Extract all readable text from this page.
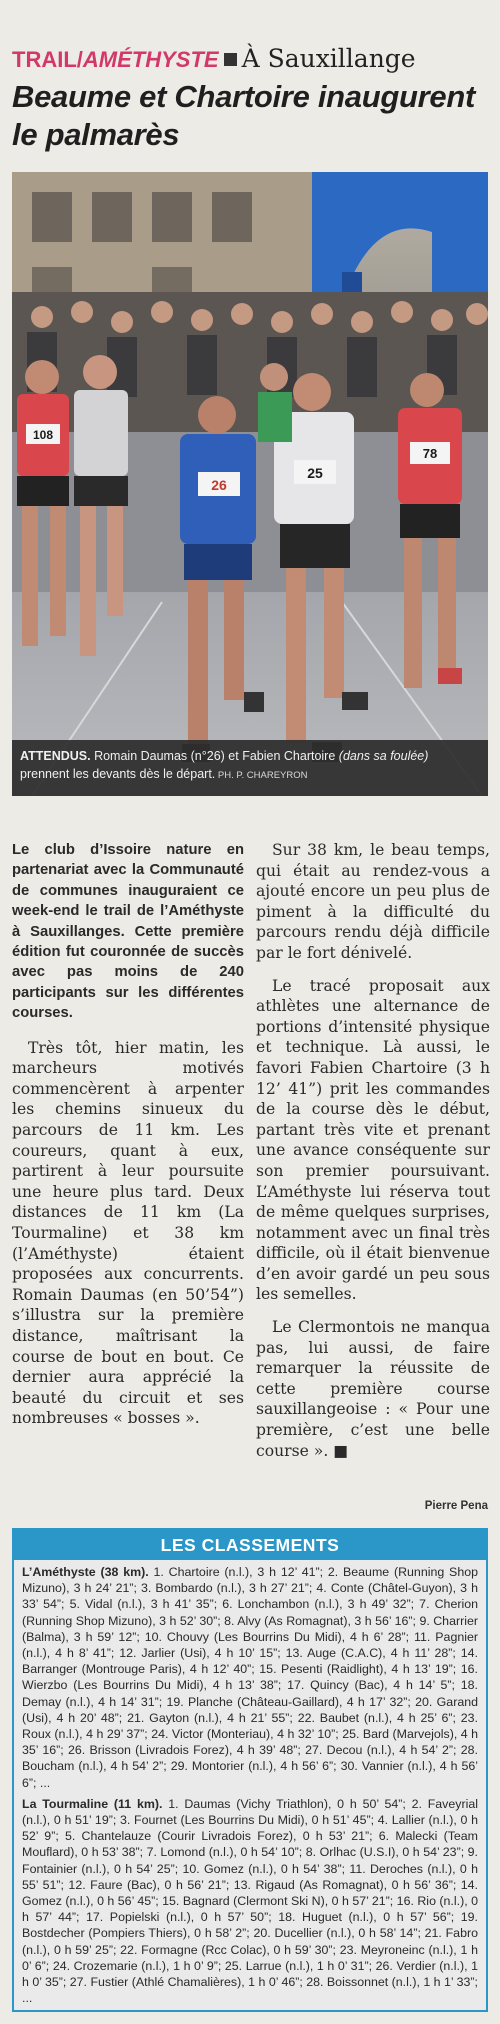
TRAIL/AMÉTHYSTE À Sauxillange
Beaume et Chartoire inaugurent le palmarès
108
26
25
78
ATTENDUS. Romain Daumas (n°26) et Fabien Chartoire (dans sa foulée) prennent les devants dès le départ. PH. P. CHAREYRON

Le club d’Issoire nature en partenariat avec la Communauté de communes inauguraient ce week-end le trail de l’Améthyste à Sauxillanges. Cette première édition fut couronnée de succès avec pas moins de 240 participants sur les différentes courses.

Très tôt, hier matin, les marcheurs motivés commencèrent à arpenter les chemins sinueux du parcours de 11 km. Les coureurs, quant à eux, partirent à leur poursuite une heure plus tard. Deux distances de 11 km (La Tourmaline) et 38 km (l’Améthyste) étaient proposées aux concurrents. Romain Daumas (en 50’54”) s’illustra sur la première distance, maîtrisant la course de bout en bout. Ce dernier aura apprécié la beauté du circuit et ses nombreuses « bosses ».

Sur 38 km, le beau temps, qui était au rendez-vous a ajouté encore un peu plus de piment à la difficulté du parcours rendu déjà difficile par le fort dénivelé.

Le tracé proposait aux athlètes une alternance de portions d’intensité physique et technique. Là aussi, le favori Fabien Chartoire (3 h 12’ 41”) prit les commandes de la course dès le début, partant très vite et prenant une avance conséquente sur son premier poursuivant. L’Améthyste lui réserva tout de même quelques surprises, notamment avec un final très difficile, où il était bienvenue d’en avoir gardé un peu sous les semelles.

Le Clermontois ne manqua pas, lui aussi, de faire remarquer la réussite de cette première course sauxillangeoise : « Pour une première, c’est une belle course ». ■

Pierre Pena
LES CLASSEMENTS

L’Améthyste (38 km). 1. Chartoire (n.l.), 3 h 12’ 41”; 2. Beaume (Running Shop Mizuno), 3 h 24’ 21”; 3. Bombardo (n.l.), 3 h 27’ 21”; 4. Conte (Châtel-Guyon), 3 h 33’ 54”; 5. Vidal (n.l.), 3 h 41’ 35”; 6. Lonchambon (n.l.), 3 h 49’ 32”; 7. Cherion (Running Shop Mizuno), 3 h 52’ 30”; 8. Alvy (As Romagnat), 3 h 56’ 16”; 9. Charrier (Balma), 3 h 59’ 12”; 10. Chouvy (Les Bourrins Du Midi), 4 h 6’ 28”; 11. Pagnier (n.l.), 4 h 8’ 41”; 12. Jarlier (Usi), 4 h 10’ 15”; 13. Auge (C.A.C), 4 h 11’ 28”; 14. Barranger (Montrouge Paris), 4 h 12’ 40”; 15. Pesenti (Raidlight), 4 h 13’ 19”; 16. Wierzbo (Les Bourrins Du Midi), 4 h 13’ 38”; 17. Quincy (Bac), 4 h 14’ 5”; 18. Demay (n.l.), 4 h 14’ 31”; 19. Planche (Château-Gaillard), 4 h 17’ 32”; 20. Garand (Usi), 4 h 20’ 48”; 21. Gayton (n.l.), 4 h 21’ 55”; 22. Baubet (n.l.), 4 h 25’ 6”; 23. Roux (n.l.), 4 h 29’ 37”; 24. Victor (Monteriau), 4 h 32’ 10”; 25. Bard (Marvejols), 4 h 35’ 16”; 26. Brisson (Livradois Forez), 4 h 39’ 48”; 27. Decou (n.l.), 4 h 54’ 2”; 28. Boucham (n.l.), 4 h 54’ 2”; 29. Montorier (n.l.), 4 h 56’ 6”; 30. Vannier (n.l.), 4 h 56’ 6”; ...

La Tourmaline (11 km). 1. Daumas (Vichy Triathlon), 0 h 50’ 54”; 2. Faveyrial (n.l.), 0 h 51’ 19”; 3. Fournet (Les Bourrins Du Midi), 0 h 51’ 45”; 4. Lallier (n.l.), 0 h 52’ 9”; 5. Chantelauze (Courir Livradois Forez), 0 h 53’ 21”; 6. Malecki (Team Mouflard), 0 h 53’ 38”; 7. Lomond (n.l.), 0 h 54’ 10”; 8. Orlhac (U.S.I), 0 h 54’ 23”; 9. Fontainier (n.l.), 0 h 54’ 25”; 10. Gomez (n.l.), 0 h 54’ 38”; 11. Deroches (n.l.), 0 h 55’ 51”; 12. Faure (Bac), 0 h 56’ 21”; 13. Rigaud (As Romagnat), 0 h 56’ 36”; 14. Gomez (n.l.), 0 h 56’ 45”; 15. Bagnard (Clermont Ski N), 0 h 57’ 21”; 16. Rio (n.l.), 0 h 57’ 44”; 17. Popielski (n.l.), 0 h 57’ 50”; 18. Huguet (n.l.), 0 h 57’ 56”; 19. Bostdecher (Pompiers Thiers), 0 h 58’ 2”; 20. Ducellier (n.l.), 0 h 58’ 14”; 21. Fabro (n.l.), 0 h 59’ 25”; 22. Formagne (Rcc Colac), 0 h 59’ 30”; 23. Meyroneinc (n.l.), 1 h 0’ 6”; 24. Crozemarie (n.l.), 1 h 0’ 9”; 25. Larrue (n.l.), 1 h 0’ 31”; 26. Verdier (n.l.), 1 h 0’ 35”; 27. Fustier (Athlé Chamalières), 1 h 0’ 46”; 28. Boissonnet (n.l.), 1 h 1’ 33”; ...
